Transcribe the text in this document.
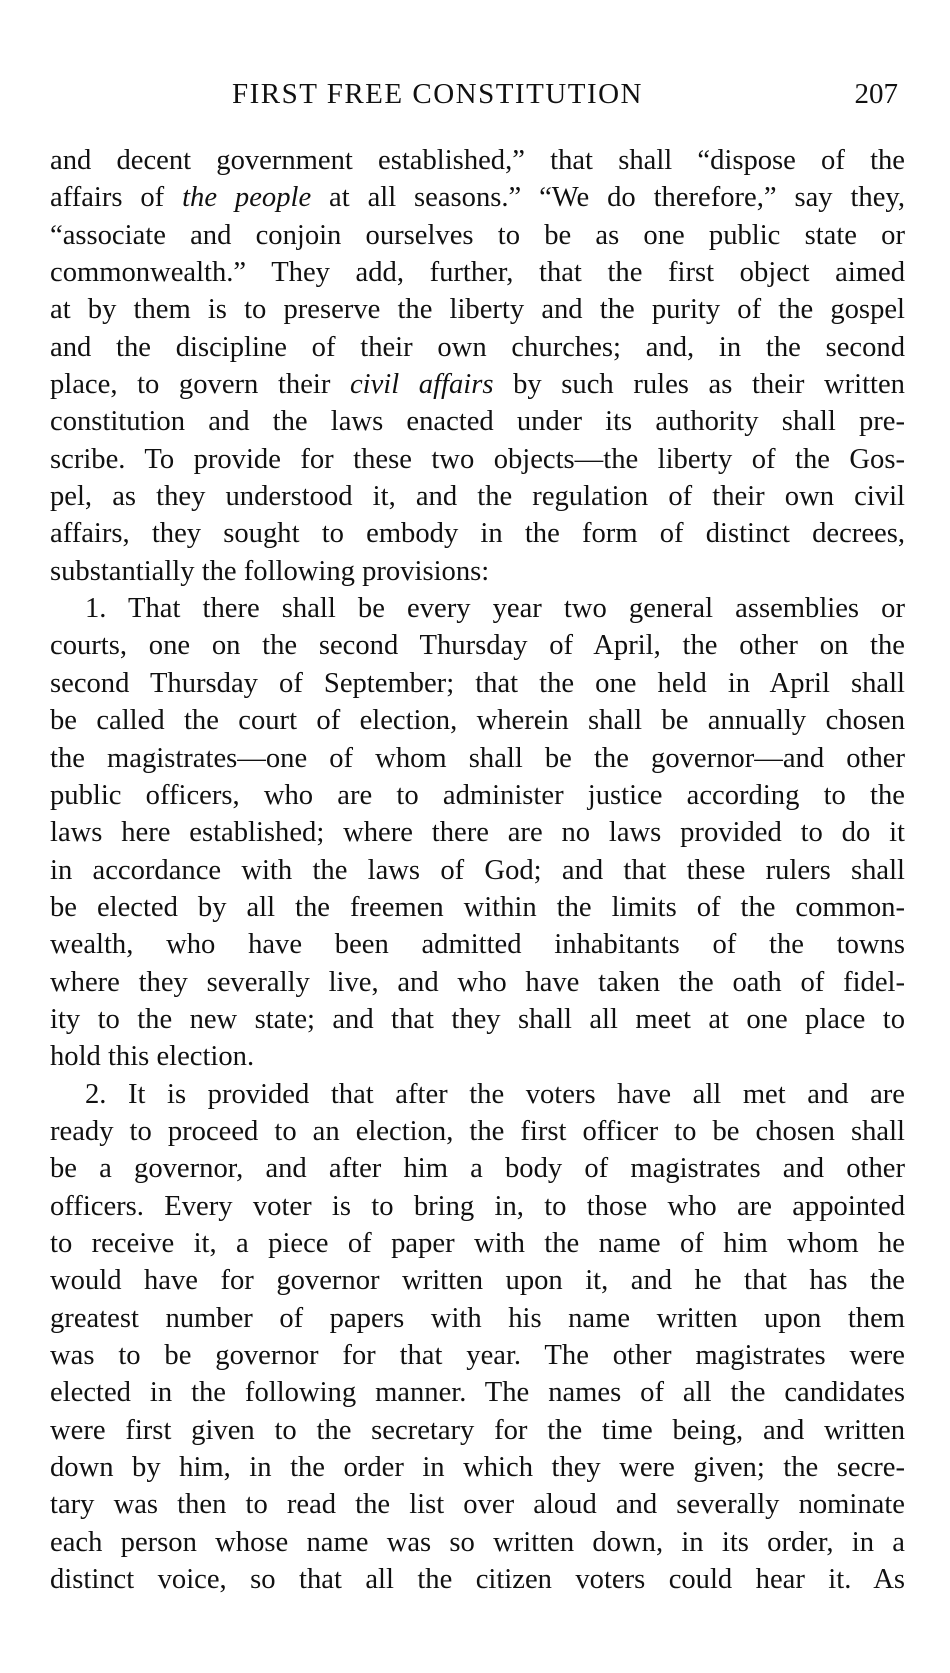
FIRST FREE CONSTITUTION	207
and decent government established,” that shall “dispose of the
affairs of the people at all seasons.” “We do therefore,” say they,
“associate and conjoin ourselves to be as one public state or
commonwealth.” They add, further, that the first object aimed
at by them is to preserve the liberty and the purity of the gospel
and the discipline of their own churches; and, in the second
place, to govern their civil affairs by such rules as their written
constitution and the laws enacted under its authority shall pre-
scribe. To provide for these two objects—the liberty of the Gos-
pel, as they understood it, and the regulation of their own civil
affairs, they sought to embody in the form of distinct decrees,
substantially the following provisions:
1. That there shall be every year two general assemblies or
courts, one on the second Thursday of April, the other on the
second Thursday of September; that the one held in April shall
be called the court of election, wherein shall be annually chosen
the magistrates—one of whom shall be the governor—and other
public officers, who are to administer justice according to the
laws here established; where there are no laws provided to do it
in accordance with the laws of God; and that these rulers shall
be elected by all the freemen within the limits of the common-
wealth, who have been admitted inhabitants of the towns
where they severally live, and who have taken the oath of fidel-
ity to the new state; and that they shall all meet at one place to
hold this election.
2. It is provided that after the voters have all met and are
ready to proceed to an election, the first officer to be chosen shall
be a governor, and after him a body of magistrates and other
officers. Every voter is to bring in, to those who are appointed
to receive it, a piece of paper with the name of him whom he
would have for governor written upon it, and he that has the
greatest number of papers with his name written upon them
was to be governor for that year. The other magistrates were
elected in the following manner. The names of all the candidates
were first given to the secretary for the time being, and written
down by him, in the order in which they were given; the secre-
tary was then to read the list over aloud and severally nominate
each person whose name was so written down, in its order, in a
distinct voice, so that all the citizen voters could hear it. As
